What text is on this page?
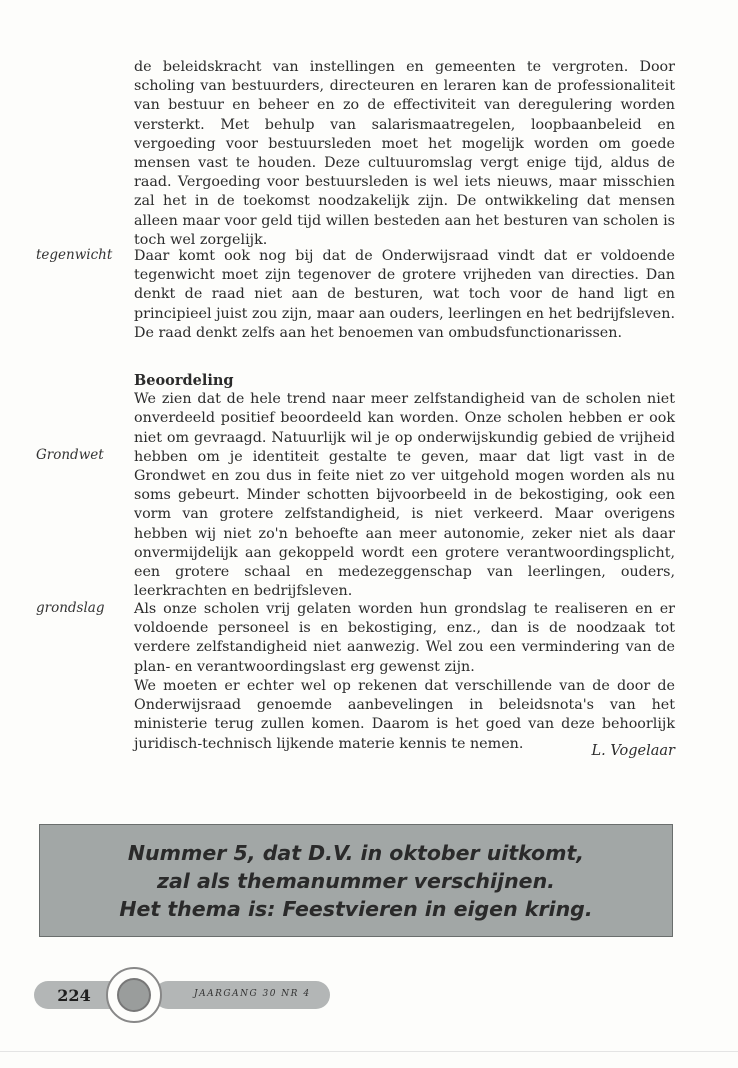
de beleidskracht van instellingen en gemeenten te vergroten. Door scholing van bestuurders, directeuren en leraren kan de professionaliteit van bestuur en beheer en zo de effectiviteit van deregulering worden versterkt. Met behulp van salarismaatregelen, loopbaanbeleid en vergoeding voor bestuursleden moet het mogelijk worden om goede mensen vast te houden. Deze cultuuromslag vergt enige tijd, aldus de raad. Vergoeding voor bestuursleden is wel iets nieuws, maar misschien zal het in de toekomst noodzakelijk zijn. De ontwikkeling dat mensen alleen maar voor geld tijd willen besteden aan het besturen van scholen is toch wel zorgelijk.

tegenwicht Daar komt ook nog bij dat de Onderwijsraad vindt dat er voldoende tegenwicht moet zijn tegenover de grotere vrijheden van directies. Dan denkt de raad niet aan de besturen, wat toch voor de hand ligt en principieel juist zou zijn, maar aan ouders, leerlingen en het bedrijfsleven. De raad denkt zelfs aan het benoemen van ombudsfunctionarissen.

Beoordeling

We zien dat de hele trend naar meer zelfstandigheid van de scholen niet onverdeeld positief beoordeeld kan worden. Onze scholen hebben er ook niet om gevraagd. Natuurlijk wil je op onderwijskundig gebied de vrijheid hebben om je identiteit gestalte te geven, maar dat ligt vast in de Grondwet en zou dus in feite niet zo ver uitgehold mogen worden als nu soms gebeurt. Minder schotten bijvoorbeeld in de bekostiging, ook een vorm van grotere zelfstandigheid, is niet verkeerd. Maar overigens hebben wij niet zo'n behoefte aan meer autonomie, zeker niet als daar onvermijdelijk aan gekoppeld wordt een grotere verantwoordingsplicht, een grotere schaal en medezeggenschap van leerlingen, ouders, leerkrachten en bedrijfsleven.

Grondwet
grondslag Als onze scholen vrij gelaten worden hun grondslag te realiseren en er voldoende personeel is en bekostiging, enz., dan is de noodzaak tot verdere zelfstandigheid niet aanwezig. Wel zou een vermindering van de plan- en verantwoordingslast erg gewenst zijn.

We moeten er echter wel op rekenen dat verschillende van de door de Onderwijsraad genoemde aanbevelingen in beleidsnota's van het ministerie terug zullen komen. Daarom is het goed van deze behoorlijk juridisch-technisch lijkende materie kennis te nemen.	L. Vogelaar
Nummer 5, dat D.V. in oktober uitkomt,
zal als themanummer verschijnen.
Het thema is: Feestvieren in eigen kring.
224	JAARGANG 30 NR 4
